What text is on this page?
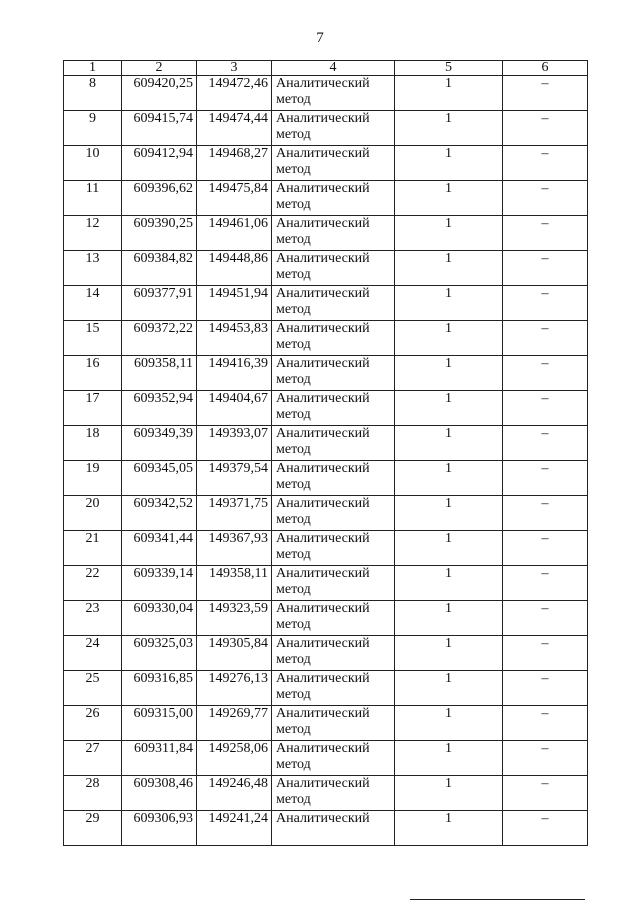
7
1	2	3	4	5	6
8	609420,25	149472,46	Аналитический метод	1	–
9	609415,74	149474,44	Аналитический метод	1	–
10	609412,94	149468,27	Аналитический метод	1	–
11	609396,62	149475,84	Аналитический метод	1	–
12	609390,25	149461,06	Аналитический метод	1	–
13	609384,82	149448,86	Аналитический метод	1	–
14	609377,91	149451,94	Аналитический метод	1	–
15	609372,22	149453,83	Аналитический метод	1	–
16	609358,11	149416,39	Аналитический метод	1	–
17	609352,94	149404,67	Аналитический метод	1	–
18	609349,39	149393,07	Аналитический метод	1	–
19	609345,05	149379,54	Аналитический метод	1	–
20	609342,52	149371,75	Аналитический метод	1	–
21	609341,44	149367,93	Аналитический метод	1	–
22	609339,14	149358,11	Аналитический метод	1	–
23	609330,04	149323,59	Аналитический метод	1	–
24	609325,03	149305,84	Аналитический метод	1	–
25	609316,85	149276,13	Аналитический метод	1	–
26	609315,00	149269,77	Аналитический метод	1	–
27	609311,84	149258,06	Аналитический метод	1	–
28	609308,46	149246,48	Аналитический метод	1	–
29	609306,93	149241,24	Аналитический	1	–
